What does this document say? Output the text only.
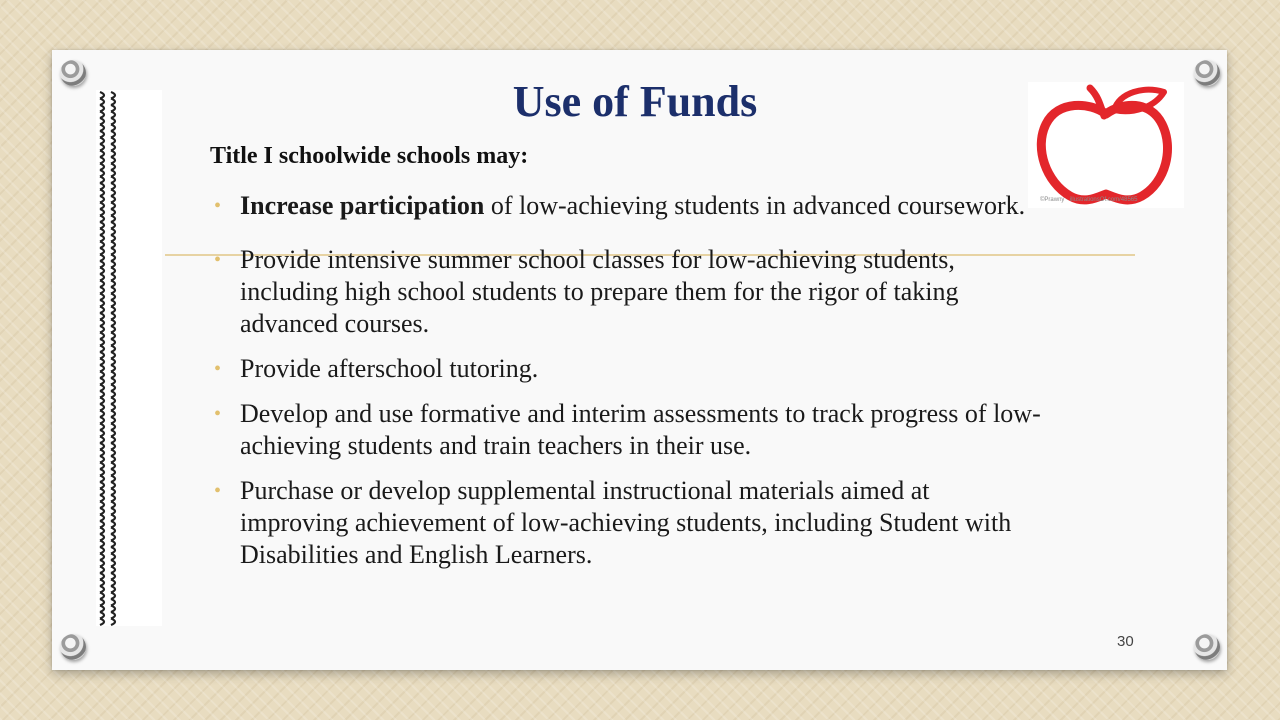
Use of Funds
Title I schoolwide schools may:
• Increase participation of low-achieving students in advanced coursework.
• Provide intensive summer school classes for low-achieving students, including high school students to prepare them for the rigor of taking advanced courses.
• Provide afterschool tutoring.
• Develop and use formative and interim assessments to track progress of low-achieving students and train teachers in their use.
• Purchase or develop supplemental instructional materials aimed at improving achievement of low-achieving students, including Student with Disabilities and English Learners.
©Prawny · illustrationsOf.com/48565
30
